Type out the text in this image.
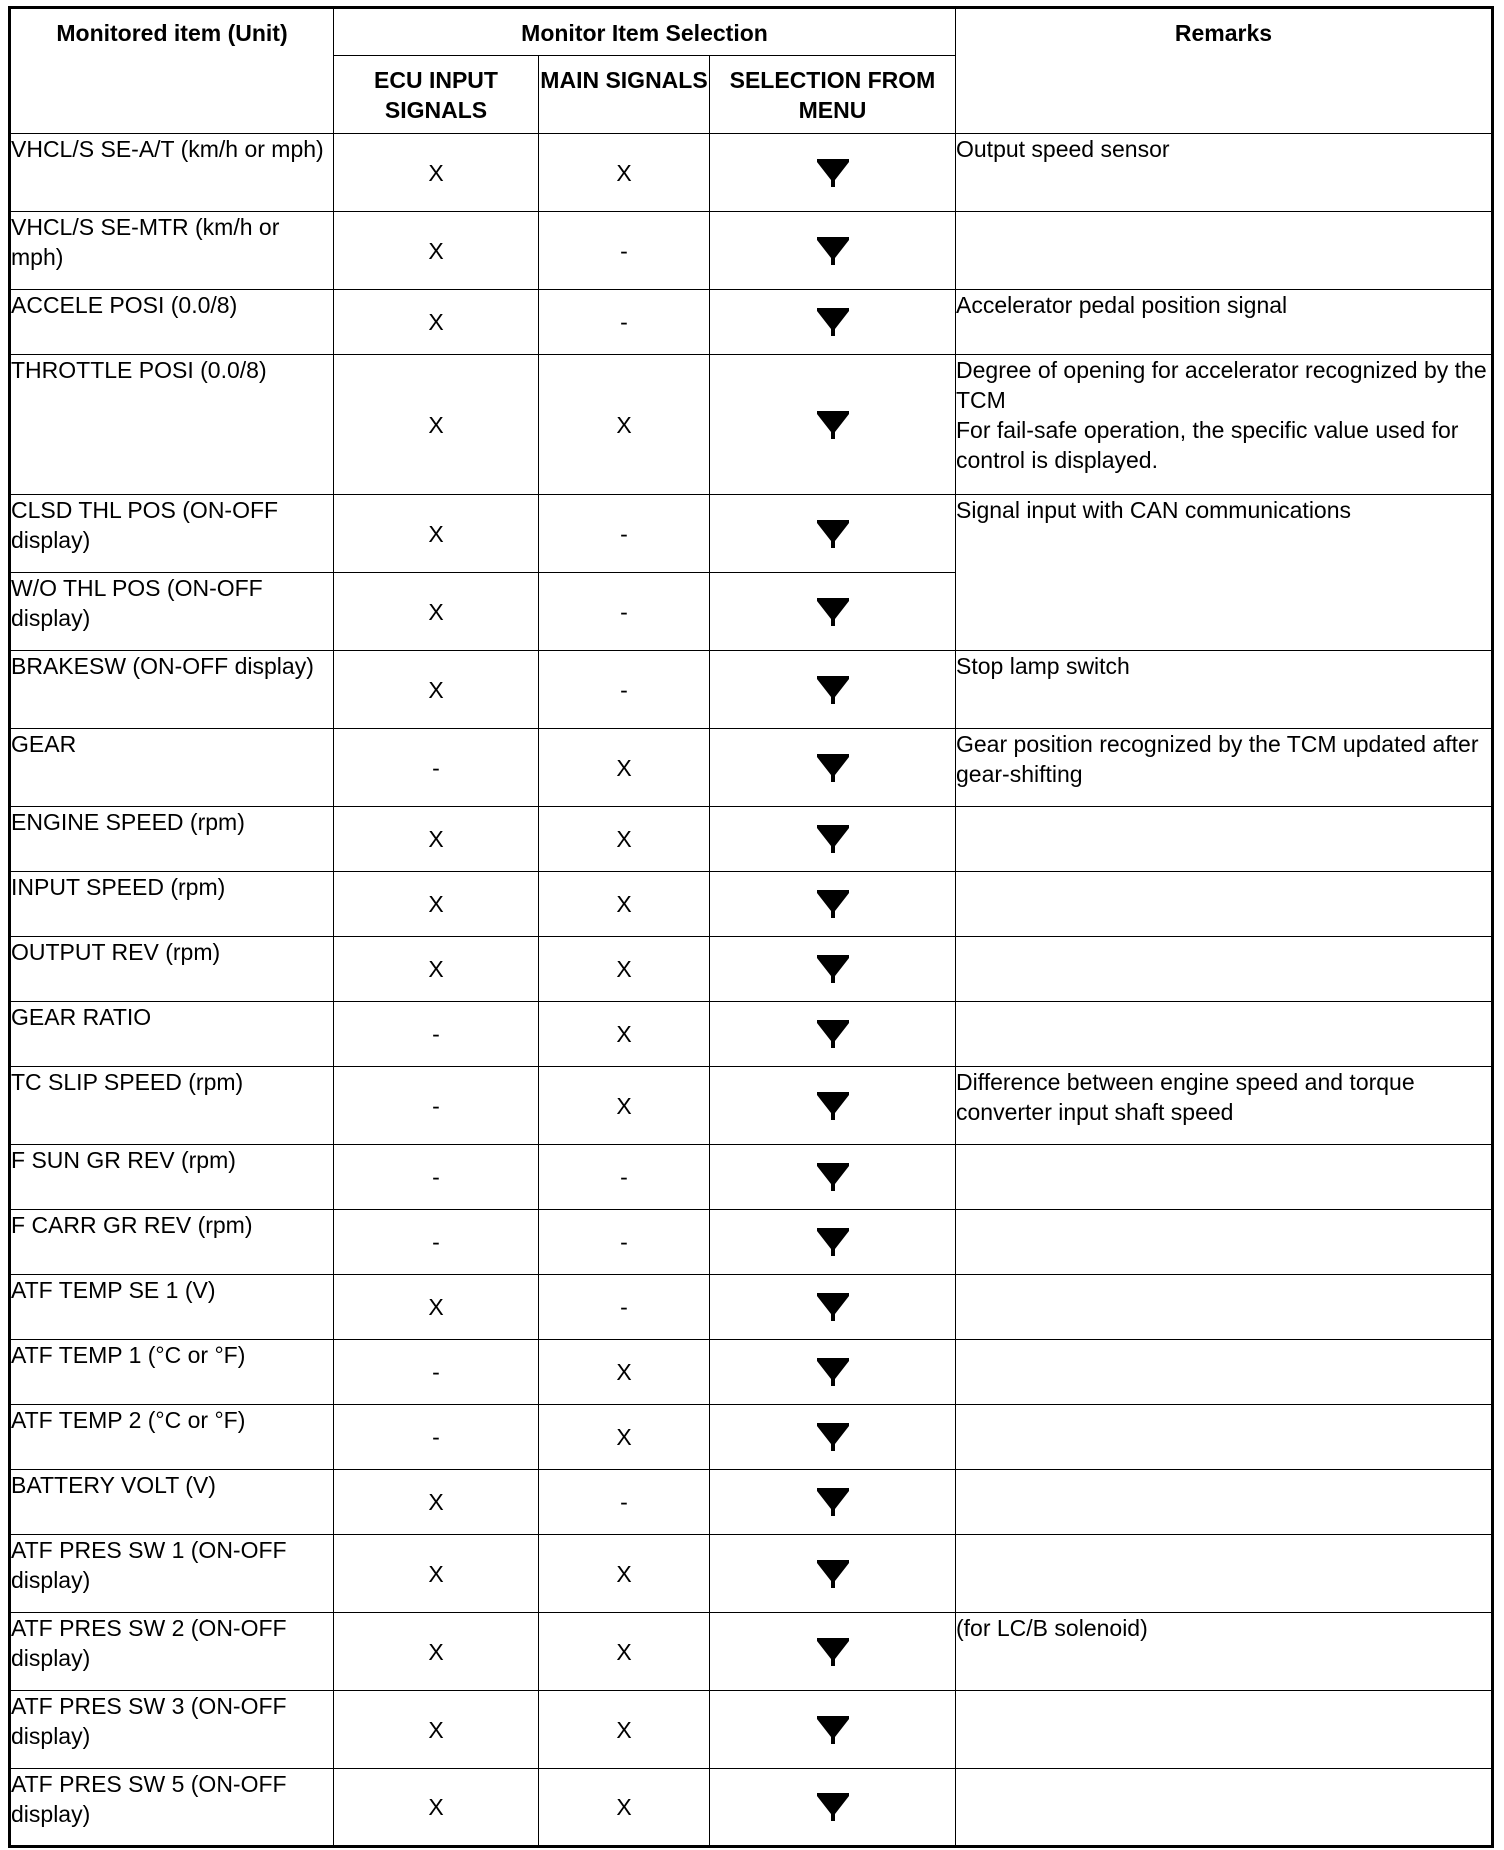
Monitored item (Unit)	Monitor Item Selection			Remarks
	ECU INPUT SIGNALS	MAIN SIGNALS	SELECTION FROM MENU	
VHCL/S SE-A/T (km/h or mph)	X	X		Output speed sensor
VHCL/S SE-MTR (km/h or mph)	X	-		
ACCELE POSI (0.0/8)	X	-		Accelerator pedal position signal
THROTTLE POSI (0.0/8)	X	X		Degree of opening for accelerator recognized by the TCM
For fail-safe operation, the specific value used for control is displayed.
CLSD THL POS (ON-OFF display)	X	-		Signal input with CAN communications
W/O THL POS (ON-OFF display)	X	-	
BRAKESW (ON-OFF display)	X	-		Stop lamp switch
GEAR	-	X		Gear position recognized by the TCM updated after gear-shifting
ENGINE SPEED (rpm)	X	X		
INPUT SPEED (rpm)	X	X		
OUTPUT REV (rpm)	X	X		
GEAR RATIO	-	X		
TC SLIP SPEED (rpm)	-	X		Difference between engine speed and torque converter input shaft speed
F SUN GR REV (rpm)	-	-		
F CARR GR REV (rpm)	-	-		
ATF TEMP SE 1 (V)	X	-		
ATF TEMP 1 (°C or °F)	-	X		
ATF TEMP 2 (°C or °F)	-	X		
BATTERY VOLT (V)	X	-		
ATF PRES SW 1 (ON-OFF display)	X	X		
ATF PRES SW 2 (ON-OFF display)	X	X		(for LC/B solenoid)
ATF PRES SW 3 (ON-OFF display)	X	X		
ATF PRES SW 5 (ON-OFF display)	X	X		
